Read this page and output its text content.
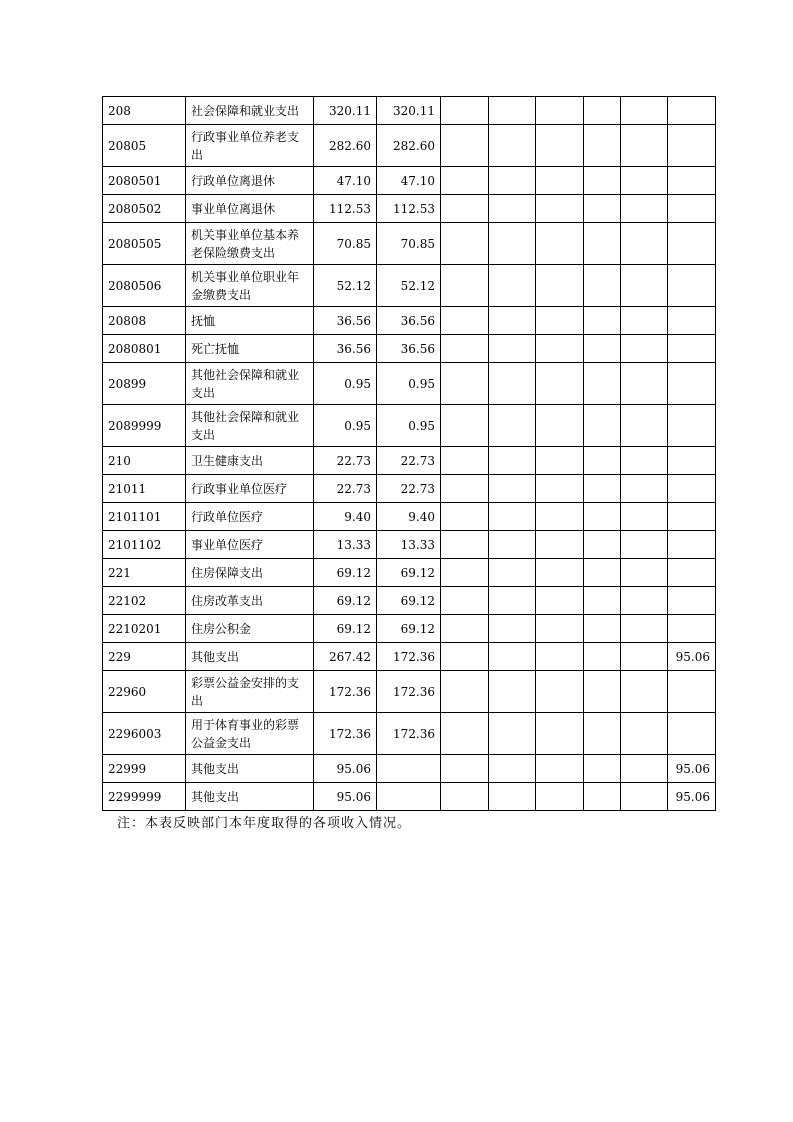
208	社会保障和就业支出	320.11	320.11						
20805	行政事业单位养老支出	282.60	282.60						
2080501	行政单位离退休	47.10	47.10						
2080502	事业单位离退休	112.53	112.53						
2080505	机关事业单位基本养老保险缴费支出	70.85	70.85						
2080506	机关事业单位职业年金缴费支出	52.12	52.12						
20808	抚恤	36.56	36.56						
2080801	死亡抚恤	36.56	36.56						
20899	其他社会保障和就业支出	0.95	0.95						
2089999	其他社会保障和就业支出	0.95	0.95						
210	卫生健康支出	22.73	22.73						
21011	行政事业单位医疗	22.73	22.73						
2101101	行政单位医疗	9.40	9.40						
2101102	事业单位医疗	13.33	13.33						
221	住房保障支出	69.12	69.12						
22102	住房改革支出	69.12	69.12						
2210201	住房公积金	69.12	69.12						
229	其他支出	267.42	172.36						95.06
22960	彩票公益金安排的支出	172.36	172.36						
2296003	用于体育事业的彩票公益金支出	172.36	172.36						
22999	其他支出	95.06							95.06
2299999	其他支出	95.06							95.06
注：本表反映部门本年度取得的各项收入情况。
